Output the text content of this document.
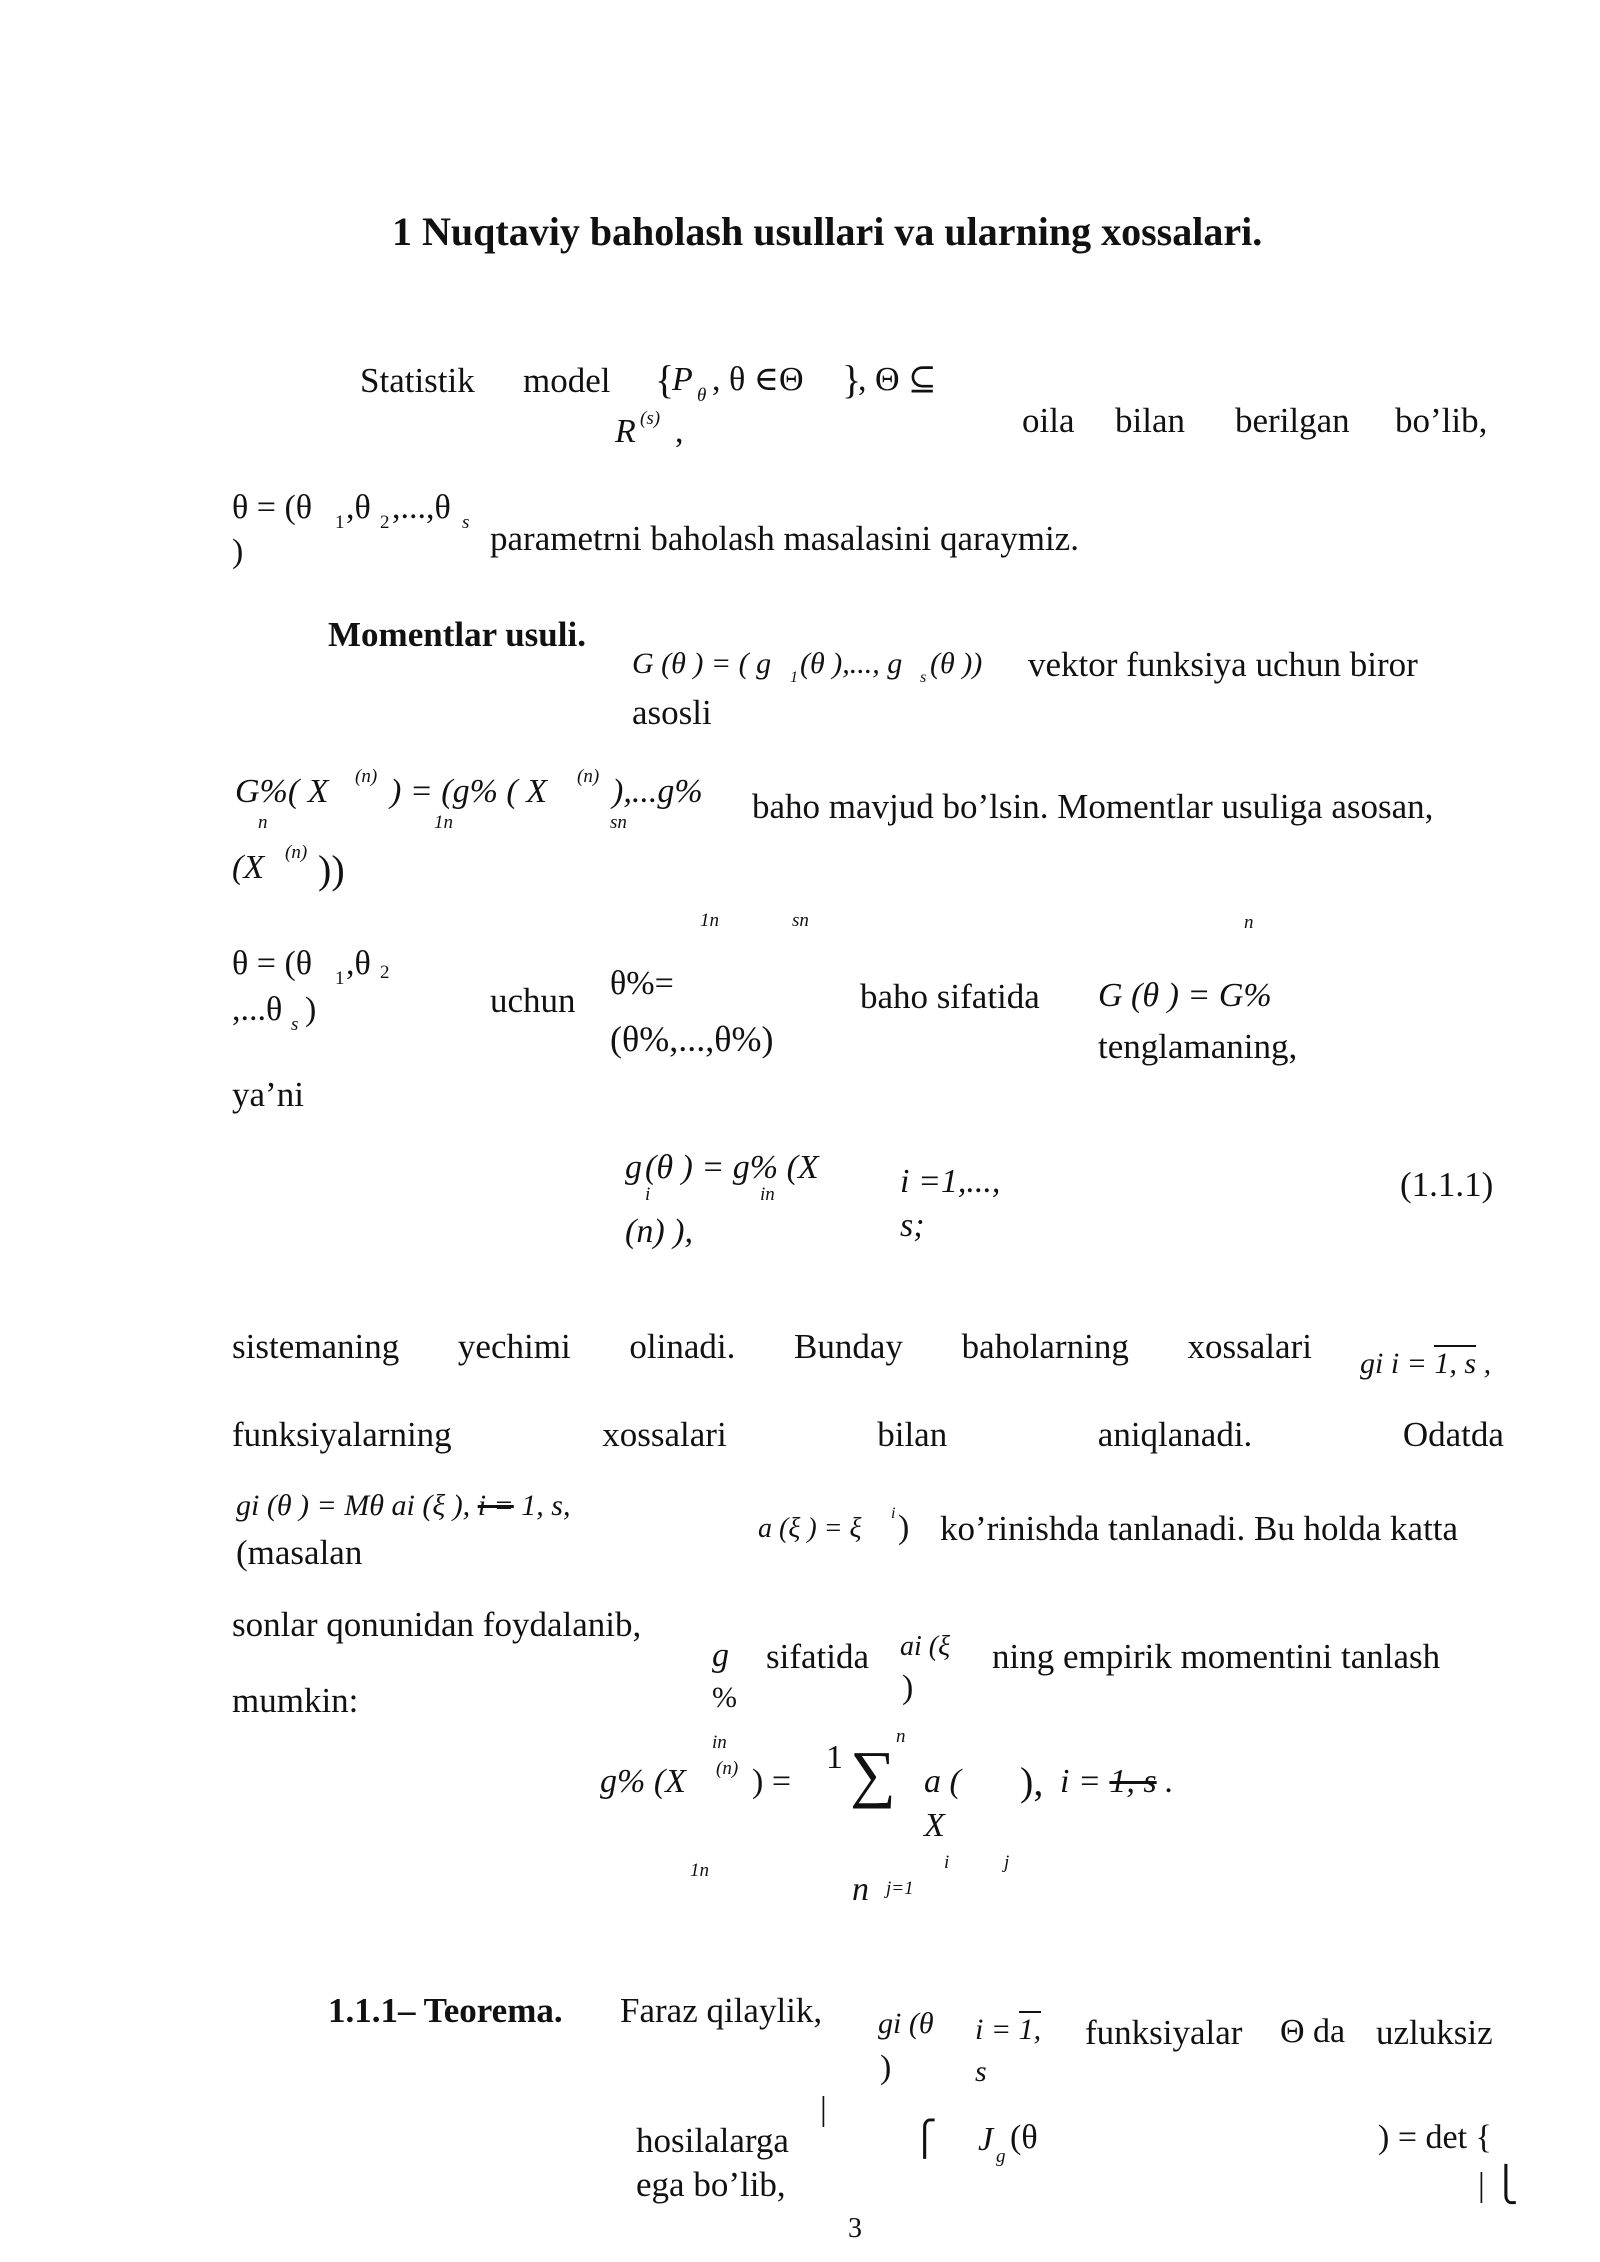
1 Nuqtaviy baholash usullari va ularning xossalari.
Statistik model {
P θ , θ ∈Θ }
, Θ ⊆
R (s) ,	oila bilan berilgan bo’lib,
θ = (θ 1 ,θ 2 ,...,θ s
)	parametrni baholash masalasini qaraymiz.
Momentlar usuli.
G (θ ) = ( g 1 (θ ),..., g s (θ )) vektor funksiya uchun biror
asosli
G%( X (n) ) = (g% ( X (n) ),...g%
n	1n	sn	baho mavjud bo’lsin. Momentlar usuliga asosan,
(X (n) ))
1n	sn	n
θ = (θ 1 ,θ 2
,...θ s )	uchun θ%=
(θ%,...,θ%)
baho sifatida G (θ ) = G%
tenglamaning,
ya’ni
g
i
(θ ) = g% (X
in
(n) ),
i =1,...,
s;
(1.1.1)
sistemaning yechimi olinadi. Bunday baholarning xossalari gi i = 1, s ,
funksiyalarning	xossalari	bilan	aniqlanadi.	Odatda
gi (θ ) = Mθ ai (ξ ), i = 1, s,
(masalan
a (ξ ) = ξ i ) ko’rinishda tanlanadi. Bu holda katta
sonlar qonunidan foydalanib,
mumkin:
g
%
in
sifatida ai (ξ
)
ning empirik momentini tanlash
g% (X (n) ) =
1 ∑
n
a (
X
), i = 1, s .
1n
n j=1
i	j
1.1.1– Teorema. Faraz qilaylik, gi (θ
)
i = 1,
s
funksiyalar Θ da uzluksiz
hosilalarga
ega bo’lib,
|
⎧ J g
(θ	) = det {
| ⎩
3
